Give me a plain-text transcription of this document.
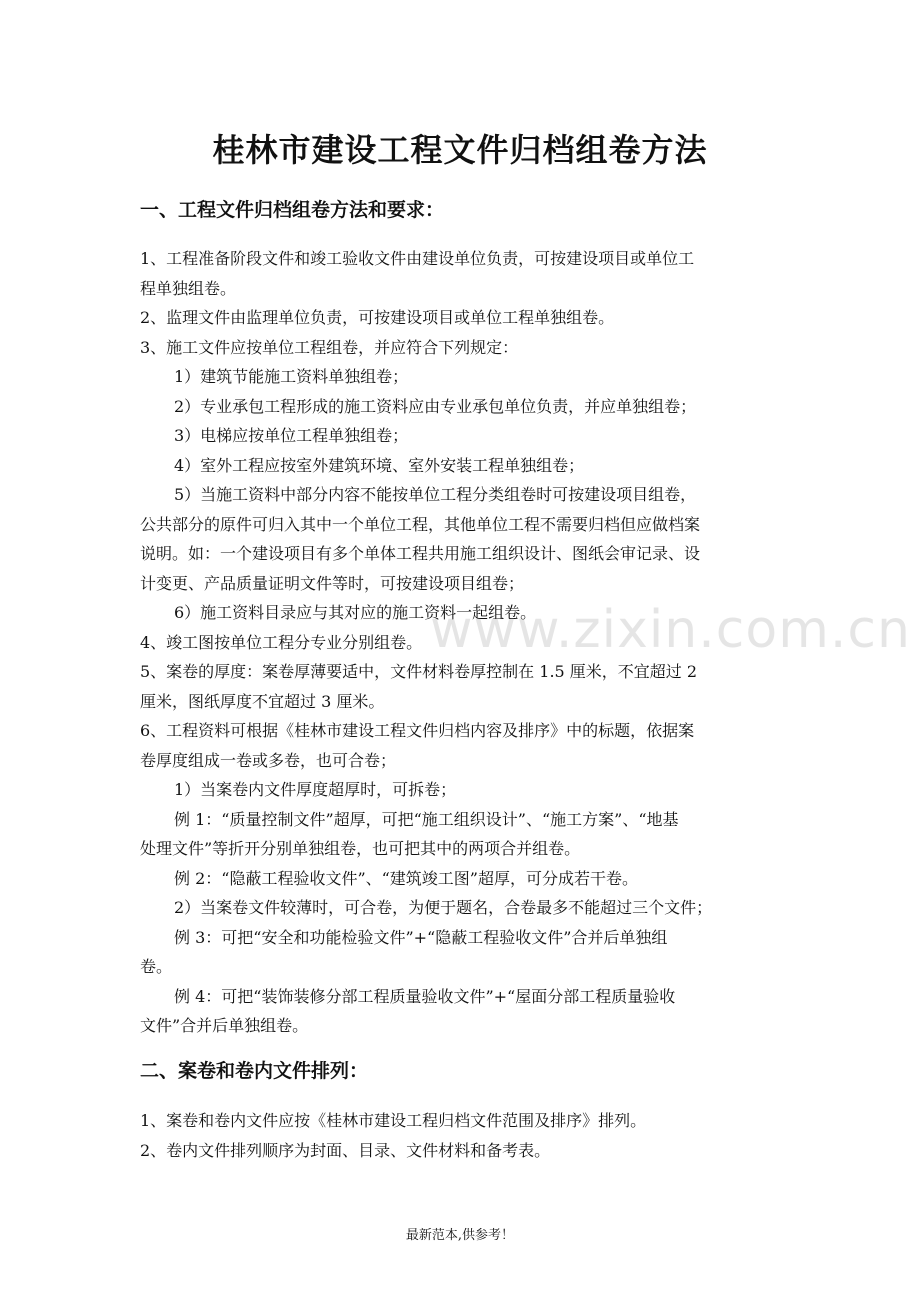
桂林市建设工程文件归档组卷方法
一、工程文件归档组卷方法和要求：

1、工程准备阶段文件和竣工验收文件由建设单位负责，可按建设项目或单位工

程单独组卷。

2、监理文件由监理单位负责，可按建设项目或单位工程单独组卷。

3、施工文件应按单位工程组卷，并应符合下列规定：

1）建筑节能施工资料单独组卷；

2）专业承包工程形成的施工资料应由专业承包单位负责，并应单独组卷；

3）电梯应按单位工程单独组卷；

4）室外工程应按室外建筑环境、室外安装工程单独组卷；

5）当施工资料中部分内容不能按单位工程分类组卷时可按建设项目组卷，

公共部分的原件可归入其中一个单位工程，其他单位工程不需要归档但应做档案

说明。如：一个建设项目有多个单体工程共用施工组织设计、图纸会审记录、设

计变更、产品质量证明文件等时，可按建设项目组卷；

6）施工资料目录应与其对应的施工资料一起组卷。

4、竣工图按单位工程分专业分别组卷。

5、案卷的厚度：案卷厚薄要适中，文件材料卷厚控制在 1.5 厘米，不宜超过 2

厘米，图纸厚度不宜超过 3 厘米。

6、工程资料可根据《桂林市建设工程文件归档内容及排序》中的标题，依据案

卷厚度组成一卷或多卷，也可合卷；

1）当案卷内文件厚度超厚时，可拆卷；

例 1：“质量控制文件”超厚，可把“施工组织设计”、“施工方案”、“地基

处理文件”等折开分别单独组卷，也可把其中的两项合并组卷。

例 2：“隐蔽工程验收文件”、“建筑竣工图”超厚，可分成若干卷。

2）当案卷文件较薄时，可合卷，为便于题名，合卷最多不能超过三个文件；

例 3：可把“安全和功能检验文件”+“隐蔽工程验收文件”合并后单独组

卷。

例 4：可把“装饰装修分部工程质量验收文件”+“屋面分部工程质量验收

文件”合并后单独组卷。

二、案卷和卷内文件排列：

1、案卷和卷内文件应按《桂林市建设工程归档文件范围及排序》排列。

2、卷内文件排列顺序为封面、目录、文件材料和备考表。

www.zixin.com.cn
最新范本,供参考！
